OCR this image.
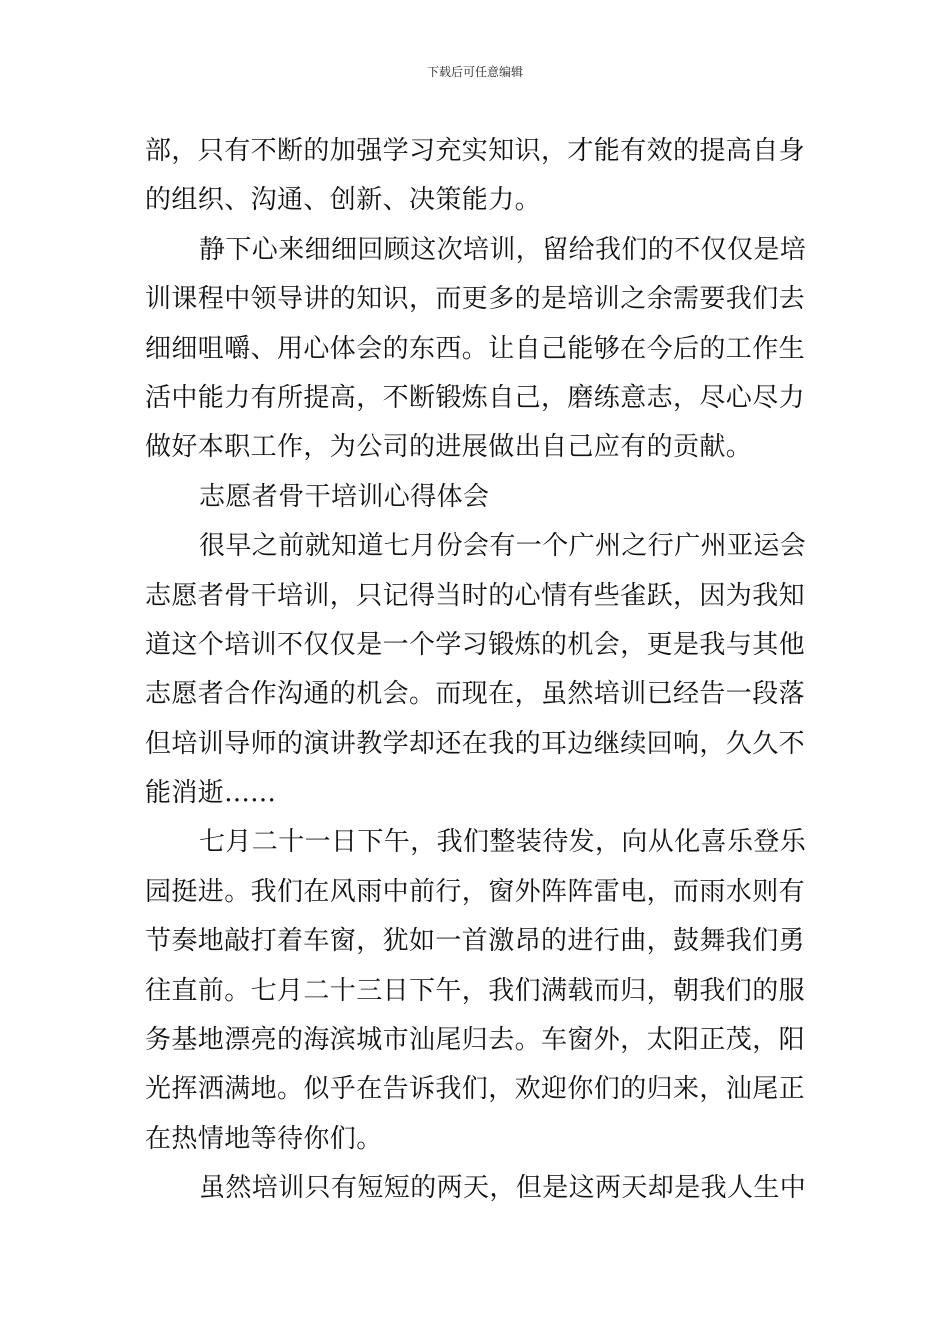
下载后可任意编辑
部，只有不断的加强学习充实知识，才能有效的提高自身
的组织、沟通、创新、决策能力。
静下心来细细回顾这次培训，留给我们的不仅仅是培
训课程中领导讲的知识，而更多的是培训之余需要我们去
细细咀嚼、用心体会的东西。让自己能够在今后的工作生
活中能力有所提高，不断锻炼自己，磨练意志，尽心尽力
做好本职工作，为公司的进展做出自己应有的贡献。
志愿者骨干培训心得体会
很早之前就知道七月份会有一个广州之行广州亚运会
志愿者骨干培训，只记得当时的心情有些雀跃，因为我知
道这个培训不仅仅是一个学习锻炼的机会，更是我与其他
志愿者合作沟通的机会。而现在，虽然培训已经告一段落
但培训导师的演讲教学却还在我的耳边继续回响，久久不
能消逝......
七月二十一日下午，我们整装待发，向从化喜乐登乐
园挺进。我们在风雨中前行，窗外阵阵雷电，而雨水则有
节奏地敲打着车窗，犹如一首激昂的进行曲，鼓舞我们勇
往直前。七月二十三日下午，我们满载而归，朝我们的服
务基地漂亮的海滨城市汕尾归去。车窗外，太阳正茂，阳
光挥洒满地。似乎在告诉我们，欢迎你们的归来，汕尾正
在热情地等待你们。
虽然培训只有短短的两天，但是这两天却是我人生中
